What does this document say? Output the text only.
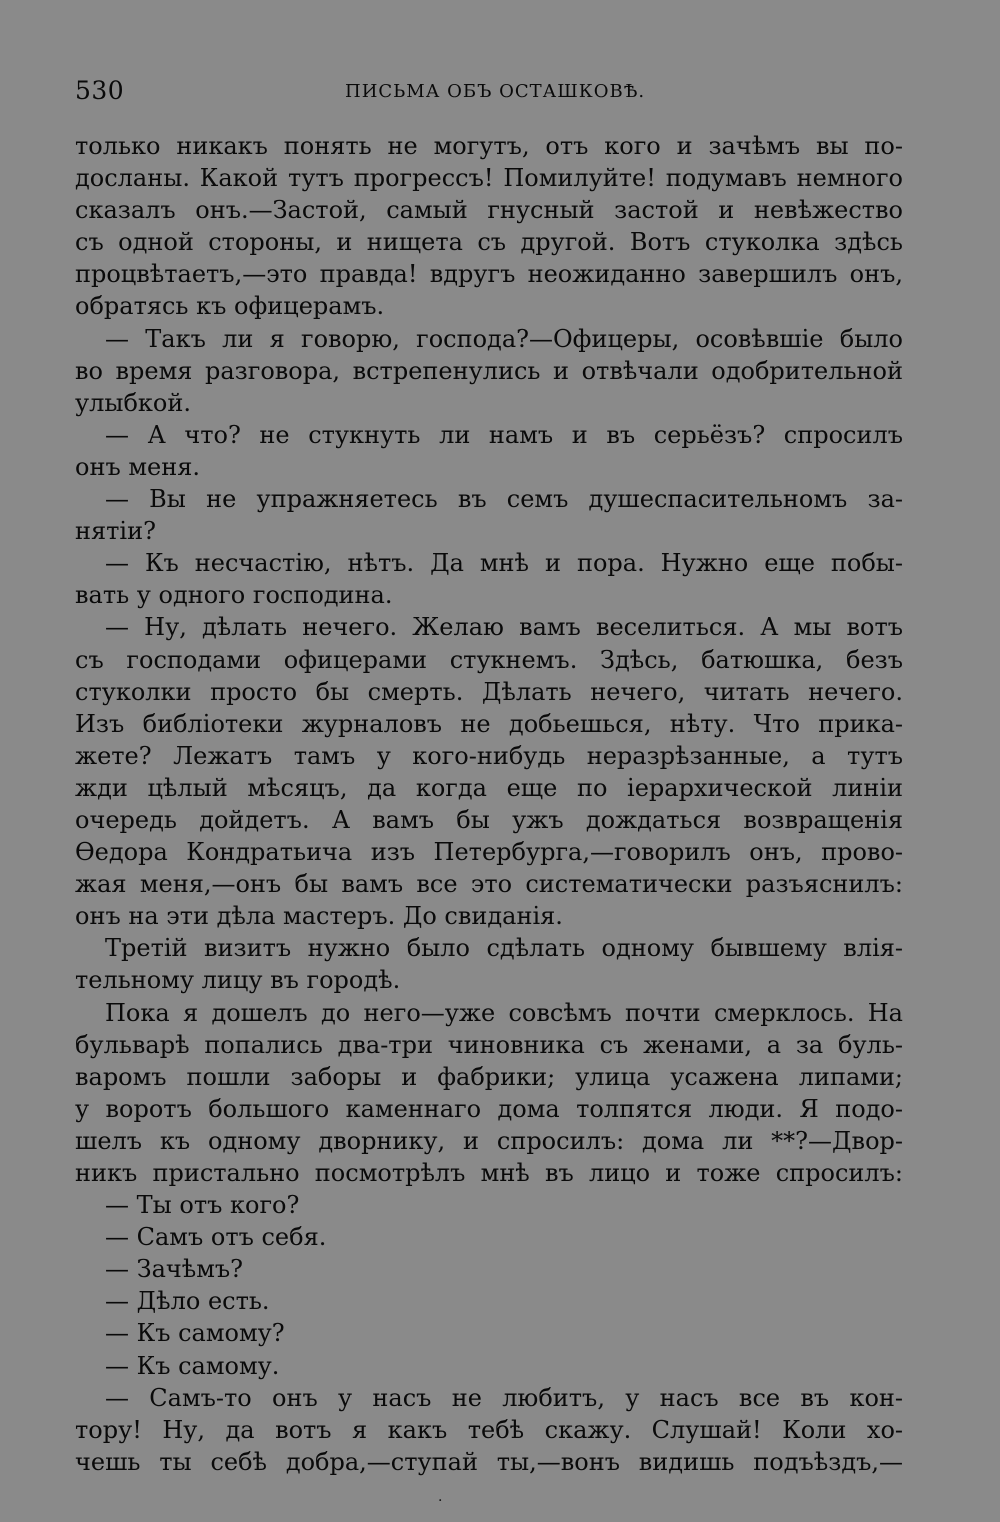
530	ПИСЬМА ОБЪ ОСТАШКОВѢ.
только никакъ понять не могутъ, отъ кого и зачѣмъ вы по-
досланы. Какой тутъ прогрессъ! Помилуйте! подумавъ немного
сказалъ онъ.—Застой, самый гнусный застой и невѣжество
съ одной стороны, и нищета съ другой. Вотъ стуколка здѣсь
процвѣтаетъ,—это правда! вдругъ неожиданно завершилъ онъ,
обратясь къ офицерамъ.
— Такъ ли я говорю, господа?—Офицеры, осовѣвшіе было
во время разговора, встрепенулись и отвѣчали одобрительной
улыбкой.
— А что? не стукнуть ли намъ и въ серьёзъ? спросилъ
онъ меня.
— Вы не упражняетесь въ семъ душеспасительномъ за-
нятіи?
— Къ несчастію, нѣтъ. Да мнѣ и пора. Нужно еще побы-
вать у одного господина.
— Ну, дѣлать нечего. Желаю вамъ веселиться. А мы вотъ
съ господами офицерами стукнемъ. Здѣсь, батюшка, безъ
стуколки просто бы смерть. Дѣлать нечего, читать нечего.
Изъ библіотеки журналовъ не добьешься, нѣту. Что прика-
жете? Лежатъ тамъ у кого-нибудь неразрѣзанные, а тутъ
жди цѣлый мѣсяцъ, да когда еще по іерархической линіи
очередь дойдетъ. А вамъ бы ужъ дождаться возвращенія
Ѳедора Кондратьича изъ Петербурга,—говорилъ онъ, прово-
жая меня,—онъ бы вамъ все это систематически разъяснилъ:
онъ на эти дѣла мастеръ. До свиданія.
Третій визитъ нужно было сдѣлать одному бывшему влія-
тельному лицу въ городѣ.
Пока я дошелъ до него—уже совсѣмъ почти смерклось. На
бульварѣ попались два-три чиновника съ женами, а за буль-
варомъ пошли заборы и фабрики; улица усажена липами;
у воротъ большого каменнаго дома толпятся люди. Я подо-
шелъ къ одному дворнику, и спросилъ: дома ли **?—Двор-
никъ пристально посмотрѣлъ мнѣ въ лицо и тоже спросилъ:
— Ты отъ кого?
— Самъ отъ себя.
— Зачѣмъ?
— Дѣло есть.
— Къ самому?
— Къ самому.
— Самъ-то онъ у насъ не любитъ, у насъ все въ кон-
тору! Ну, да вотъ я какъ тебѣ скажу. Слушай! Коли хо-
чешь ты себѣ добра,—ступай ты,—вонъ видишь подъѣздъ,—
·
